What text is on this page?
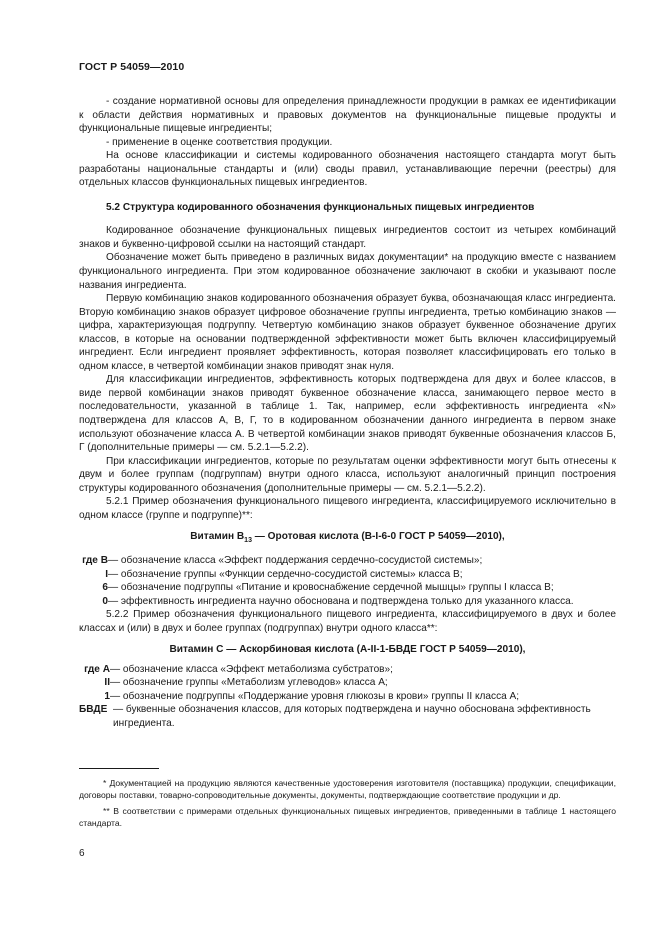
ГОСТ Р 54059—2010

- создание нормативной основы для определения принадлежности продукции в рамках ее идентификации к области действия нормативных и правовых документов на функциональные пищевые продукты и функциональные пищевые ингредиенты;

- применение в оценке соответствия продукции.

На основе классификации и системы кодированного обозначения настоящего стандарта могут быть разработаны национальные стандарты и (или) своды правил, устанавливающие перечни (реестры) для отдельных классов функциональных пищевых ингредиентов.

5.2 Структура кодированного обозначения функциональных пищевых ингредиентов

Кодированное обозначение функциональных пищевых ингредиентов состоит из четырех комбинаций знаков и буквенно-цифровой ссылки на настоящий стандарт.

Обозначение может быть приведено в различных видах документации* на продукцию вместе с названием функционального ингредиента. При этом кодированное обозначение заключают в скобки и указывают после названия ингредиента.

Первую комбинацию знаков кодированного обозначения образует буква, обозначающая класс ингредиента. Вторую комбинацию знаков образует цифровое обозначение группы ингредиента, третью комбинацию знаков — цифра, характеризующая подгруппу. Четвертую комбинацию знаков образует буквенное обозначение других классов, в которые на основании подтвержденной эффективности может быть включен классифицируемый ингредиент. Если ингредиент проявляет эффективность, которая позволяет классифицировать его только в одном классе, в четвертой комбинации знаков приводят знак нуля.

Для классификации ингредиентов, эффективность которых подтверждена для двух и более классов, в виде первой комбинации знаков приводят буквенное обозначение класса, занимающего первое место в последовательности, указанной в таблице 1. Так, например, если эффективность ингредиента «N» подтверждена для классов А, В, Г, то в кодированном обозначении данного ингредиента в первом знаке используют обозначение класса А. В четвертой комбинации знаков приводят буквенные обозначения классов Б, Г (дополнительные примеры — см. 5.2.1—5.2.2).

При классификации ингредиентов, которые по результатам оценки эффективности могут быть отнесены к двум и более группам (подгруппам) внутри одного класса, используют аналогичный принцип построения структуры кодированного обозначения (дополнительные примеры — см. 5.2.1—5.2.2).

5.2.1 Пример обозначения функционального пищевого ингредиента, классифицируемого исключительно в одном классе (группе и подгруппе)**:

Витамин $В_{13}$ — Оротовая кислота (В-I-6-0 ГОСТ Р 54059—2010),

где В — обозначение класса «Эффект поддержания сердечно-сосудистой системы»;
I — обозначение группы «Функции сердечно-сосудистой системы» класса В;
6 — обозначение подгруппы «Питание и кровоснабжение сердечной мышцы» группы I класса В;
0 — эффективность ингредиента научно обоснована и подтверждена только для указанного класса.

5.2.2 Пример обозначения функционального пищевого ингредиента, классифицируемого в двух и более классах и (или) в двух и более группах (подгруппах) внутри одного класса**:

Витамин С — Аскорбиновая кислота (А-II-1-БВДЕ ГОСТ Р 54059—2010),

где А — обозначение класса «Эффект метаболизма субстратов»;
II — обозначение группы «Метаболизм углеводов» класса А;
1 — обозначение подгруппы «Поддержание уровня глюкозы в крови» группы II класса А;
БВДЕ — буквенные обозначения классов, для которых подтверждена и научно обоснована эффективность ингредиента.

* Документацией на продукцию являются качественные удостоверения изготовителя (поставщика) продукции, спецификации, договоры поставки, товарно-сопроводительные документы, документы, подтверждающие соответствие продукции и др.

** В соответствии с примерами отдельных функциональных пищевых ингредиентов, приведенными в таблице 1 настоящего стандарта.

6
